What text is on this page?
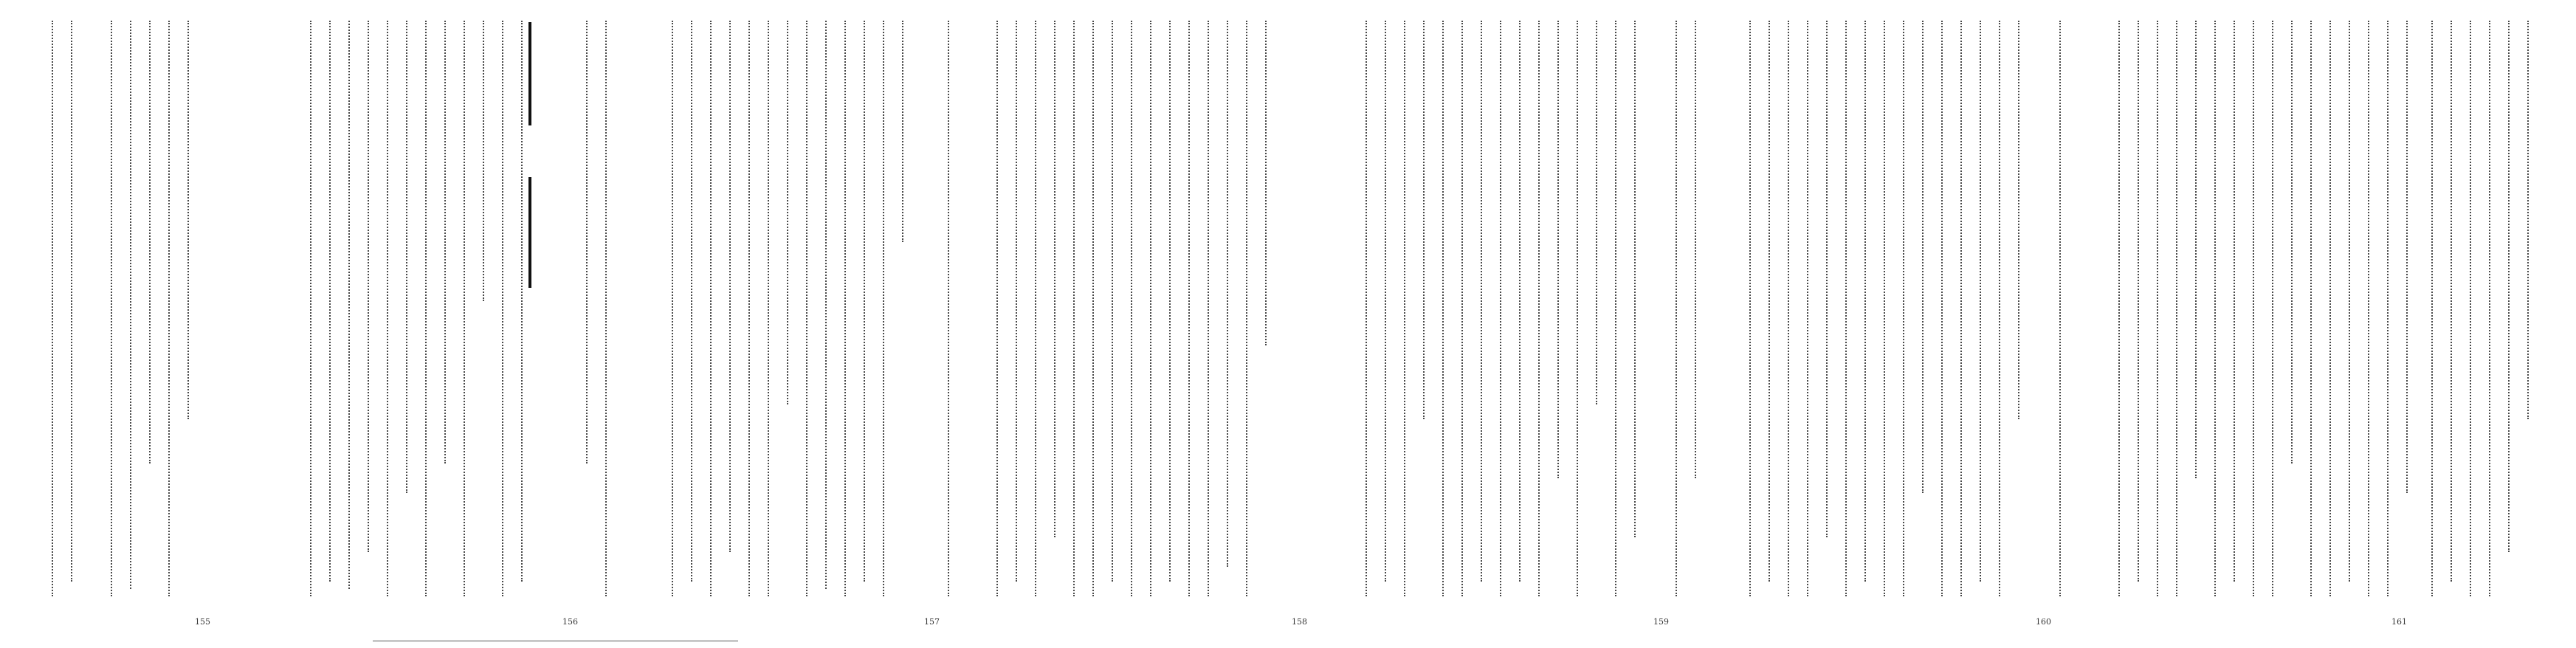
155	156	157	158	159	160	161
